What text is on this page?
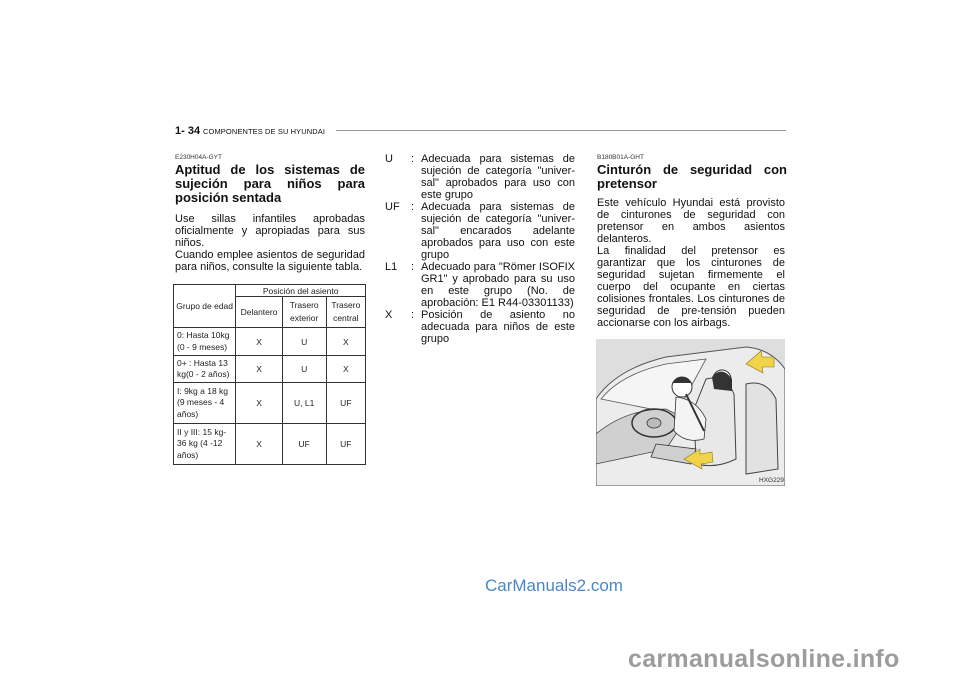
1- 34 COMPONENTES DE SU HYUNDAI
E230H04A-GYT
Aptitud de los sistemas de sujeción para niños para posición sentada
Use sillas infantiles aprobadas oficialmente y apropiadas para sus niños.
Cuando emplee asientos de seguridad para niños, consulte la siguiente tabla.
Grupo de edad	Posición del asiento		
	Delantero	Trasero exterior	Trasero central
0: Hasta 10kg (0 - 9 meses)	X	U	X
0+ : Hasta 13 kg(0 - 2 años)	X	U	X
I: 9kg a 18 kg (9 meses - 4 años)	X	U, L1	UF
II y III: 15 kg- 36 kg (4 -12 años)	X	UF	UF
U	: Adecuada para sistemas de sujeción de categoría "univer- sal" aprobados para uso con este grupo
UF	: Adecuada para sistemas de sujeción de categoría "univer- sal" encarados adelante aprobados para uso con este grupo
L1	: Adecuado para "Römer ISOFIX GR1" y aprobado para su uso en este grupo (No. de aprobación: E1 R44-03301133)
X	: Posición de asiento no adecuada para niños de este grupo
B180B01A-GHT
Cinturón de seguridad con pretensor
Este vehículo Hyundai está provisto de cinturones de seguridad con pretensor en ambos asientos delanteros.
La finalidad del pretensor es garantizar que los cinturones de seguridad sujetan firmemente el cuerpo del ocupante en ciertas colisiones frontales. Los cinturones de seguridad de pre-tensión pueden accionarse con los airbags.
HXG229
CarManuals2.com
carmanualsonline.info
